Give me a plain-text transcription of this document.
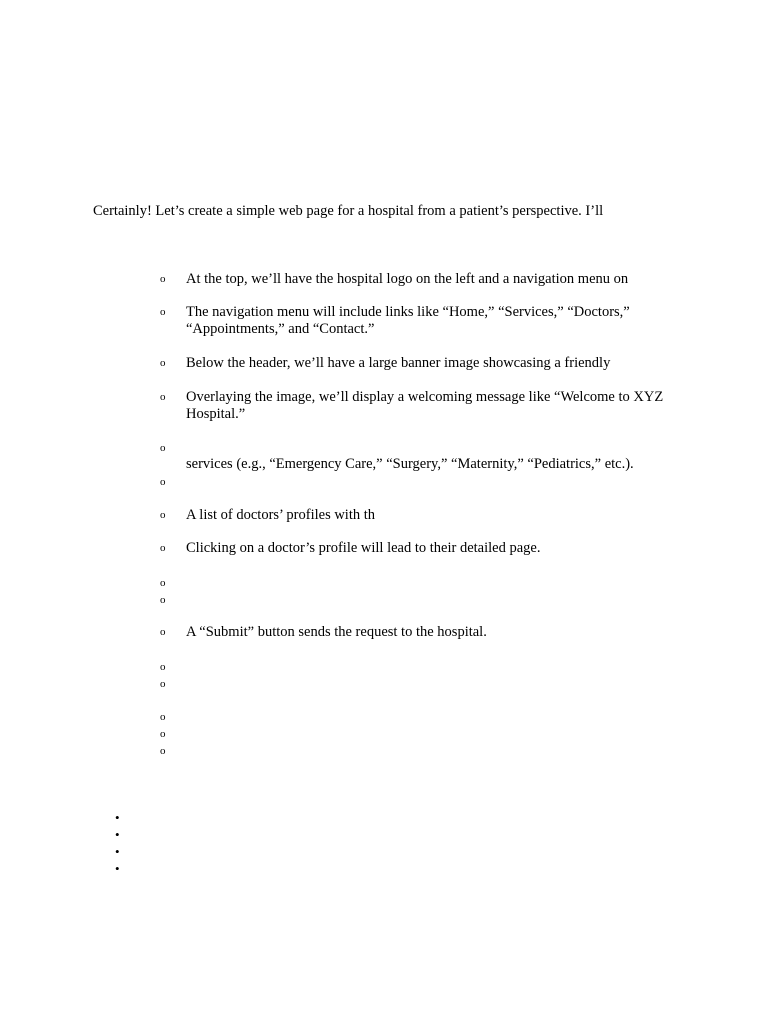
Certainly! Let’s create a simple web page for a hospital from a patient’s perspective. I’ll
o	At the top, we’ll have the hospital logo on the left and a navigation menu on
o	The navigation menu will include links like “Home,” “Services,” “Doctors,” “Appointments,” and “Contact.”
o	Below the header, we’ll have a large banner image showcasing a friendly
o	Overlaying the image, we’ll display a welcoming message like “Welcome to XYZ Hospital.”
o
services (e.g., “Emergency Care,” “Surgery,” “Maternity,” “Pediatrics,” etc.).
o
o	A list of doctors’ profiles with th
o	Clicking on a doctor’s profile will lead to their detailed page.
o
o
o	A “Submit” button sends the request to the hospital.
o
o
o
o
o
•
•
•
•
